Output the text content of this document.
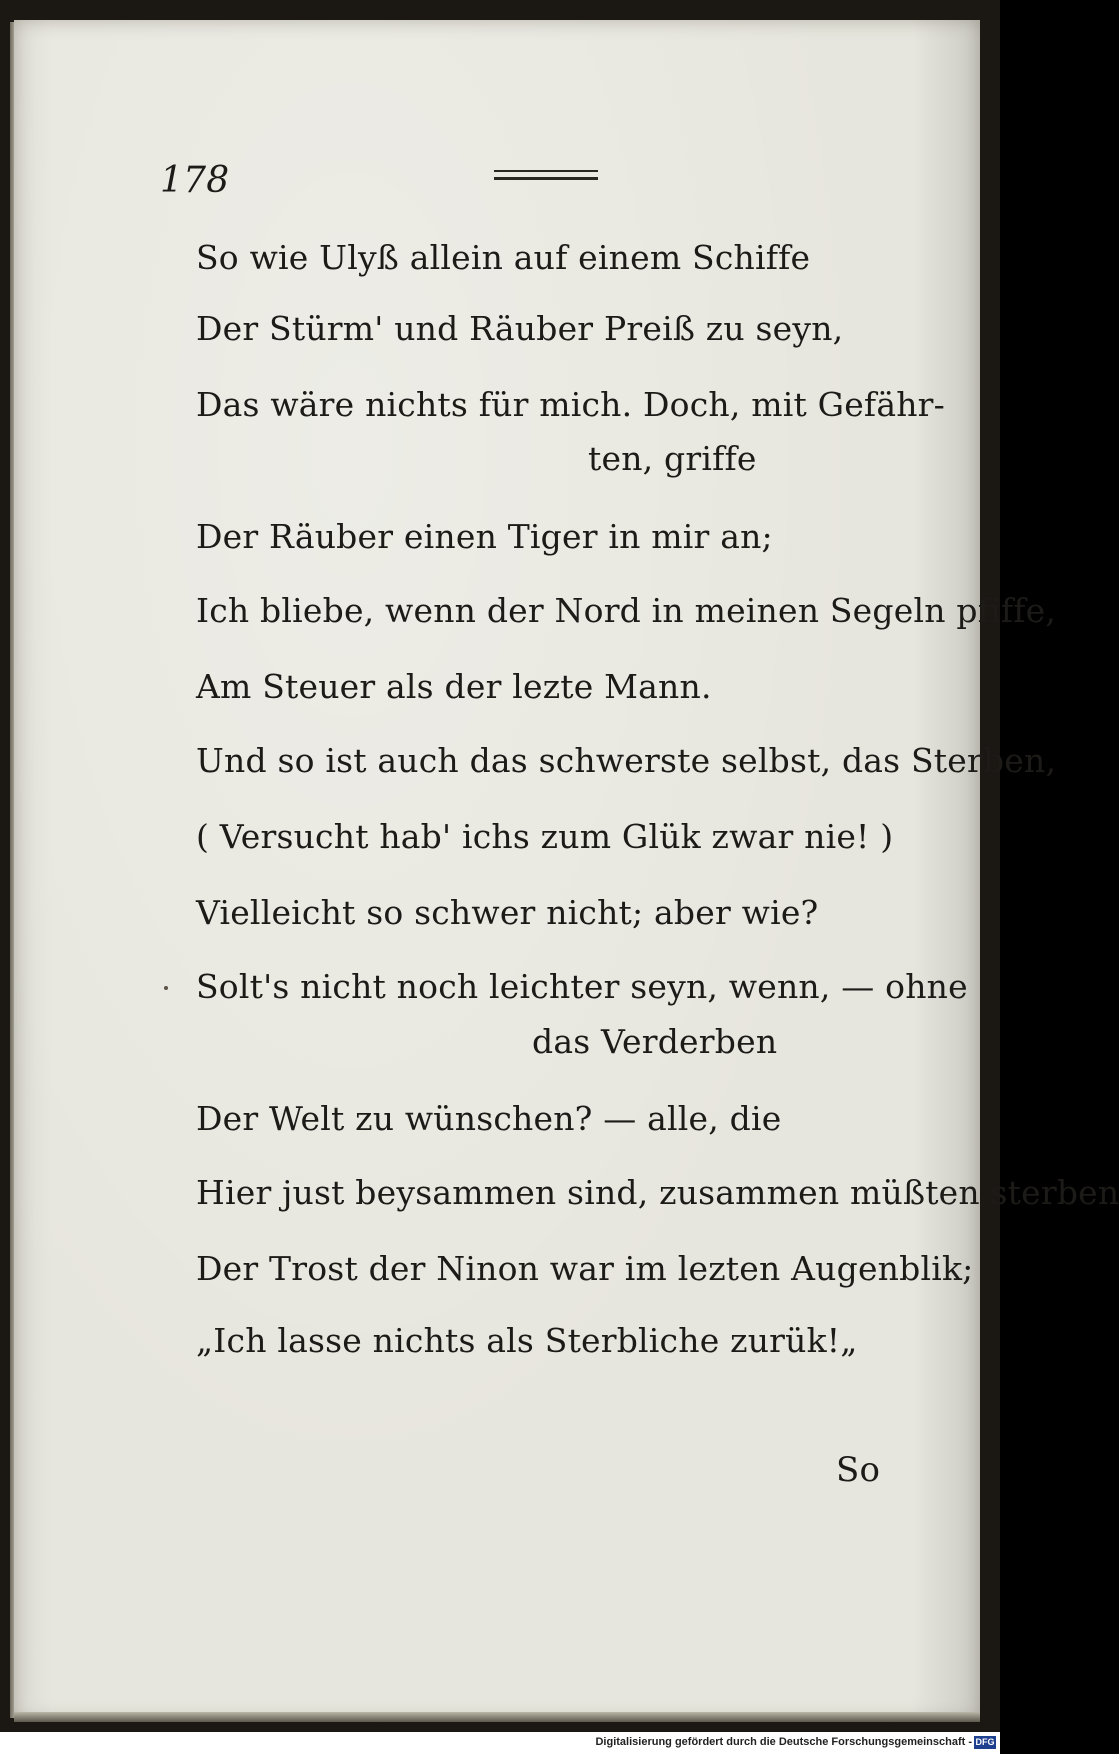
178
So wie Ulyß allein auf einem Schiffe
Der Stürm' und Räuber Preiß zu seyn,
Das wäre nichts für mich. Doch, mit Gefähr-
ten, griffe
Der Räuber einen Tiger in mir an;
Ich bliebe, wenn der Nord in meinen Segeln pfiffe,
Am Steuer als der lezte Mann.
Und so ist auch das schwerste selbst, das Sterben,
( Versucht hab' ichs zum Glük zwar nie! )
Vielleicht so schwer nicht; aber wie?
Solt's nicht noch leichter seyn, wenn, — ohne
das Verderben
Der Welt zu wünschen? — alle, die
Hier just beysammen sind, zusammen müßten sterben
Der Trost der Ninon war im lezten Augenblik;
„Ich lasse nichts als Sterbliche zurük!„
So
Digitalisierung gefördert durch die Deutsche Forschungsgemeinschaft - DFG
